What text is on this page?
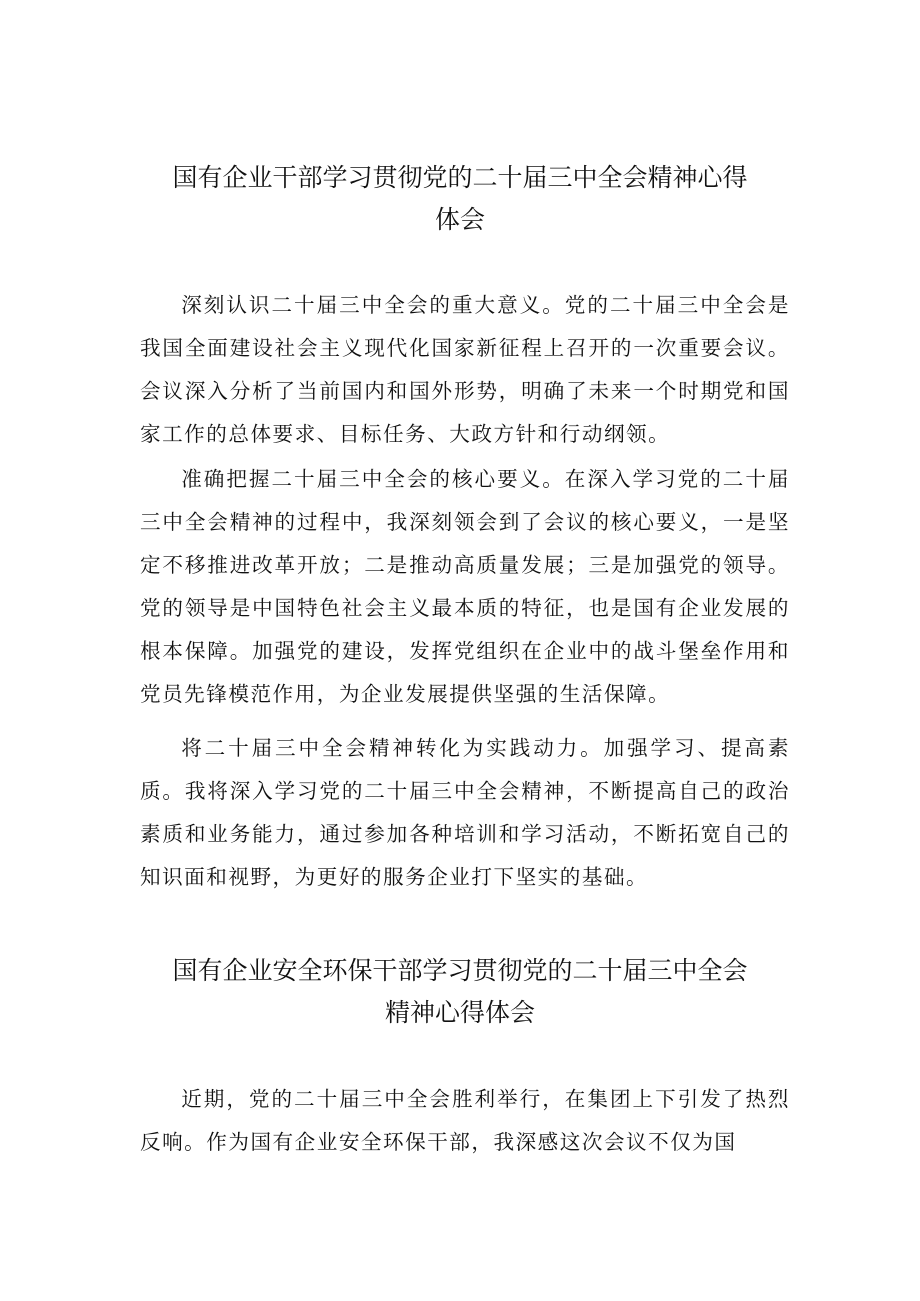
国有企业干部学习贯彻党的二十届三中全会精神心得
体会

深刻认识二十届三中全会的重大意义。党的二十届三中全会是我国全面建设社会主义现代化国家新征程上召开的一次重要会议。会议深入分析了当前国内和国外形势，明确了未来一个时期党和国家工作的总体要求、目标任务、大政方针和行动纲领。

准确把握二十届三中全会的核心要义。在深入学习党的二十届三中全会精神的过程中，我深刻领会到了会议的核心要义，一是坚定不移推进改革开放；二是推动高质量发展；三是加强党的领导。党的领导是中国特色社会主义最本质的特征，也是国有企业发展的根本保障。加强党的建设，发挥党组织在企业中的战斗堡垒作用和党员先锋模范作用，为企业发展提供坚强的生活保障。

将二十届三中全会精神转化为实践动力。加强学习、提高素质。我将深入学习党的二十届三中全会精神，不断提高自己的政治素质和业务能力，通过参加各种培训和学习活动，不断拓宽自己的知识面和视野，为更好的服务企业打下坚实的基础。

国有企业安全环保干部学习贯彻党的二十届三中全会
精神心得体会

近期，党的二十届三中全会胜利举行，在集团上下引发了热烈反响。作为国有企业安全环保干部，我深感这次会议不仅为国
